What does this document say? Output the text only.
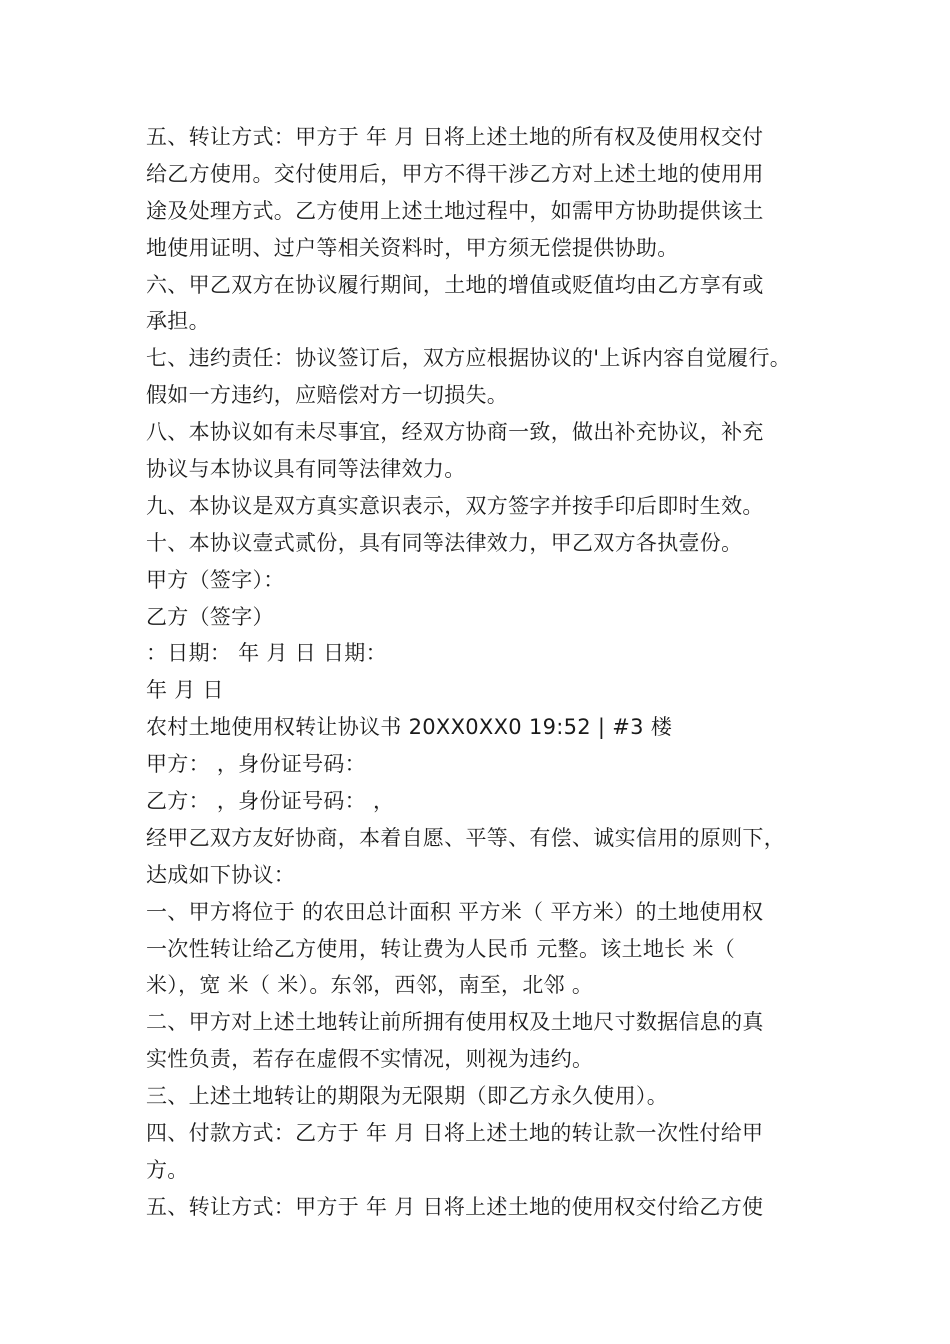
五、转让方式：甲方于 年 月 日将上述土地的所有权及使用权交付
给乙方使用。交付使用后，甲方不得干涉乙方对上述土地的使用用
途及处理方式。乙方使用上述土地过程中，如需甲方协助提供该土
地使用证明、过户等相关资料时，甲方须无偿提供协助。
六、甲乙双方在协议履行期间，土地的增值或贬值均由乙方享有或
承担。
七、违约责任：协议签订后，双方应根据协议的'上诉内容自觉履行。
假如一方违约，应赔偿对方一切损失。
八、本协议如有未尽事宜，经双方协商一致，做出补充协议，补充
协议与本协议具有同等法律效力。
九、本协议是双方真实意识表示，双方签字并按手印后即时生效。
十、本协议壹式贰份，具有同等法律效力，甲乙双方各执壹份。
甲方（签字）：
乙方（签字）
：日期： 年 月 日 日期：
年 月 日
农村土地使用权转让协议书 20XX0XX0 19:52 | #3 楼
甲方： ，身份证号码：
乙方： ，身份证号码： ，
经甲乙双方友好协商，本着自愿、平等、有偿、诚实信用的原则下，
达成如下协议：
一、甲方将位于 的农田总计面积 平方米（ 平方米）的土地使用权
一次性转让给乙方使用，转让费为人民币 元整。该土地长 米（
米），宽 米（ 米）。东邻，西邻，南至，北邻 。
二、甲方对上述土地转让前所拥有使用权及土地尺寸数据信息的真
实性负责，若存在虚假不实情况，则视为违约。
三、上述土地转让的期限为无限期（即乙方永久使用）。
四、付款方式：乙方于 年 月 日将上述土地的转让款一次性付给甲
方。
五、转让方式：甲方于 年 月 日将上述土地的使用权交付给乙方使
